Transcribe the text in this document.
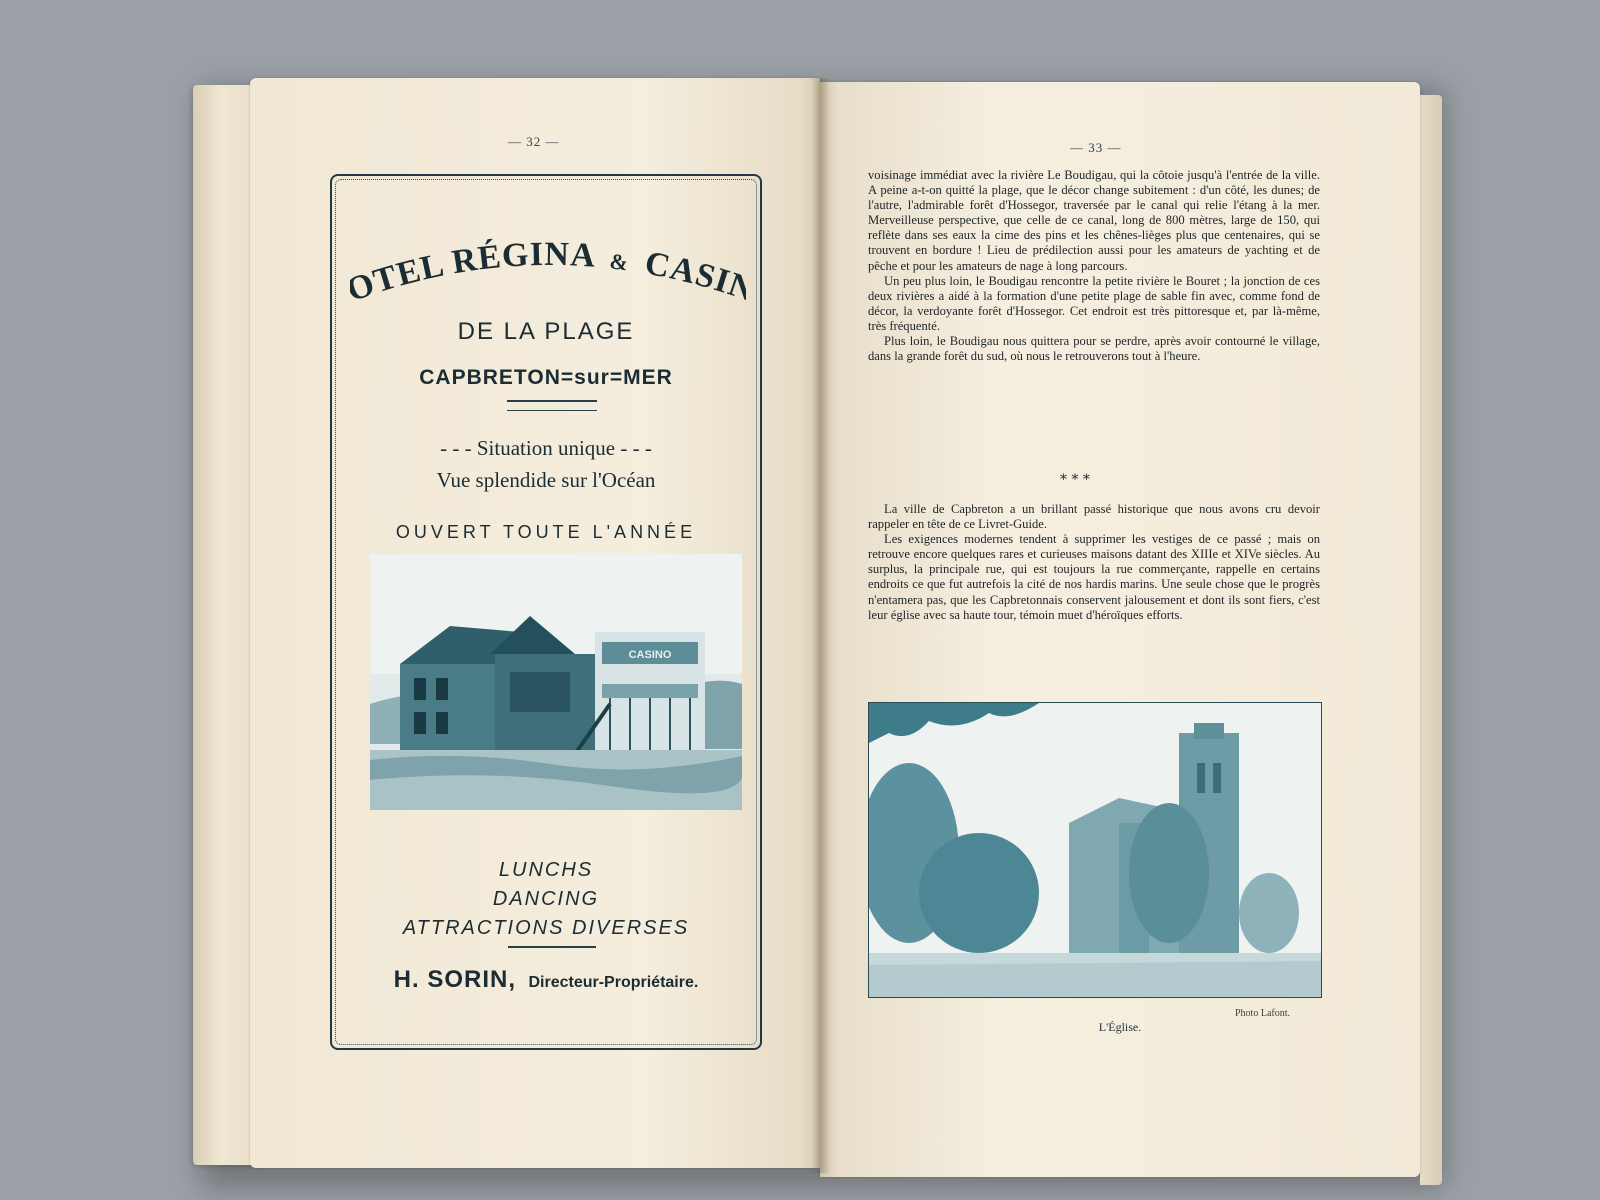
— 32 —
TEL RÉGINA & CASI
DE LA PLAGE
CAPBRETON=sur=MER
- - - Situation unique - - -
Vue splendide sur l'Océan
OUVERT TOUTE L'ANNÉE
CASINO
LUNCHS
DANCING
ATTRACTIONS DIVERSES
H. SORIN, Directeur-Propriétaire.
— 33 —

voisinage immédiat avec la rivière Le Boudigau, qui la côtoie jusqu'à l'entrée de la ville. A peine a-t-on quitté la plage, que le décor change subitement : d'un côté, les dunes; de l'autre, l'admirable forêt d'Hossegor, traversée par le canal qui relie l'étang à la mer. Merveilleuse perspective, que celle de ce canal, long de 800 mètres, large de 150, qui reflète dans ses eaux la cime des pins et les chênes-lièges plus que centenaires, qui se trouvent en bordure ! Lieu de prédilection aussi pour les amateurs de yachting et de pêche et pour les amateurs de nage à long parcours.

Un peu plus loin, le Boudigau rencontre la petite rivière le Bouret ; la jonction de ces deux rivières a aidé à la formation d'une petite plage de sable fin avec, comme fond de décor, la verdoyante forêt d'Hossegor. Cet endroit est très pittoresque et, par là-même, très fréquenté.

Plus loin, le Boudigau nous quittera pour se perdre, après avoir contourné le village, dans la grande forêt du sud, où nous le retrouverons tout à l'heure.

* * *

La ville de Capbreton a un brillant passé historique que nous avons cru devoir rappeler en tête de ce Livret-Guide.

Les exigences modernes tendent à supprimer les vestiges de ce passé ; mais on retrouve encore quelques rares et curieuses maisons datant des XIIIe et XIVe siècles. Au surplus, la principale rue, qui est toujours la rue commerçante, rappelle en certains endroits ce que fut autrefois la cité de nos hardis marins. Une seule chose que le progrès n'entamera pas, que les Capbretonnais conservent jalousement et dont ils sont fiers, c'est leur église avec sa haute tour, témoin muet d'héroïques efforts.

Photo Lafont.
L'Église.
